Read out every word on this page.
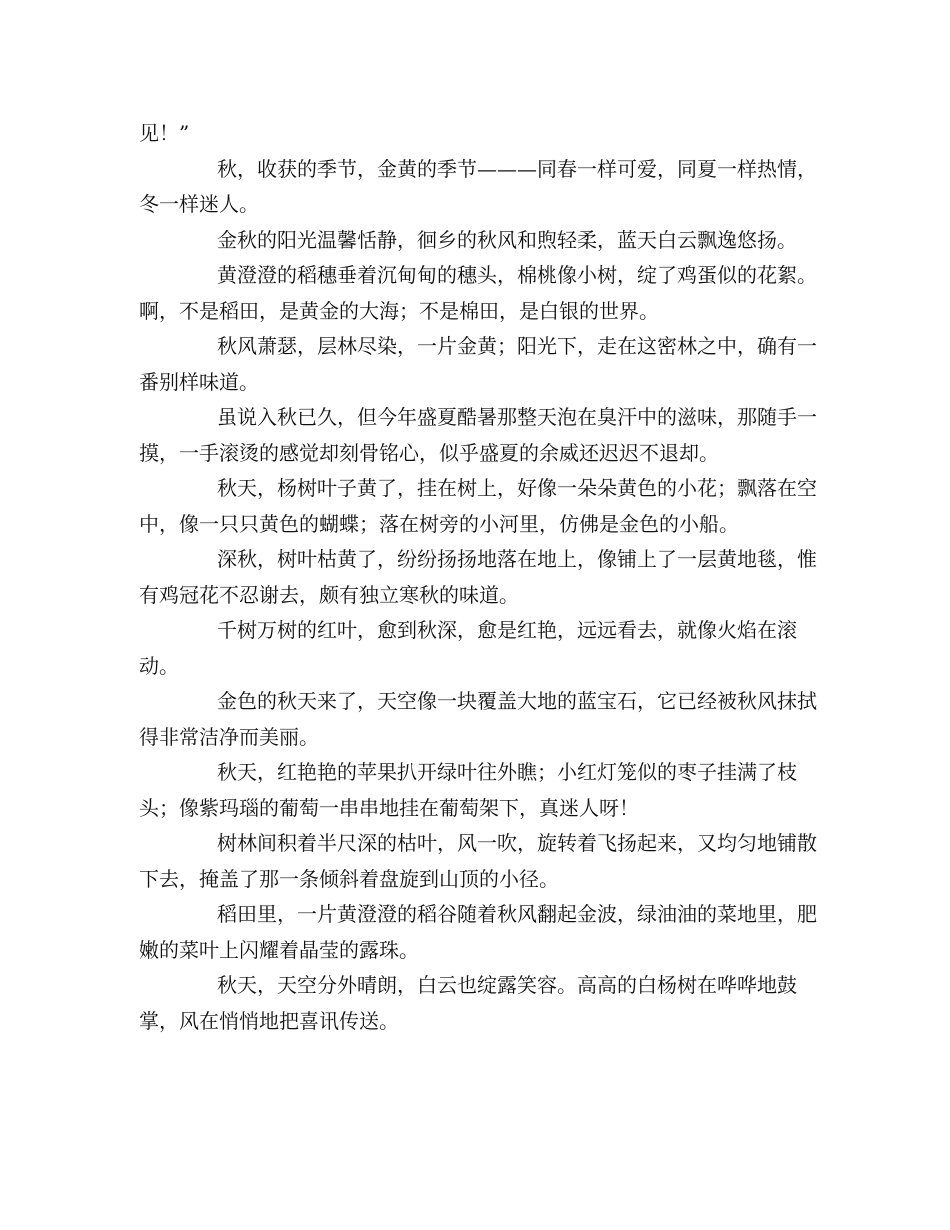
见！”

秋，收获的季节，金黄的季节———同春一样可爱，同夏一样热情，冬一样迷人。

金秋的阳光温馨恬静，徊乡的秋风和煦轻柔，蓝天白云飘逸悠扬。

黄澄澄的稻穗垂着沉甸甸的穗头，棉桃像小树，绽了鸡蛋似的花絮。啊，不是稻田，是黄金的大海；不是棉田，是白银的世界。

秋风萧瑟，层林尽染，一片金黄；阳光下，走在这密林之中，确有一番别样味道。

虽说入秋已久，但今年盛夏酷暑那整天泡在臭汗中的滋味，那随手一摸，一手滚烫的感觉却刻骨铭心，似乎盛夏的余威还迟迟不退却。

秋天，杨树叶子黄了，挂在树上，好像一朵朵黄色的小花；飘落在空中，像一只只黄色的蝴蝶；落在树旁的小河里，仿佛是金色的小船。

深秋，树叶枯黄了，纷纷扬扬地落在地上，像铺上了一层黄地毯，惟有鸡冠花不忍谢去，颇有独立寒秋的味道。

千树万树的红叶，愈到秋深，愈是红艳，远远看去，就像火焰在滚动。

金色的秋天来了，天空像一块覆盖大地的蓝宝石，它已经被秋风抹拭得非常洁净而美丽。

秋天，红艳艳的苹果扒开绿叶往外瞧；小红灯笼似的枣子挂满了枝头；像紫玛瑙的葡萄一串串地挂在葡萄架下，真迷人呀！

树林间积着半尺深的枯叶，风一吹，旋转着飞扬起来，又均匀地铺散下去，掩盖了那一条倾斜着盘旋到山顶的小径。

稻田里，一片黄澄澄的稻谷随着秋风翻起金波，绿油油的菜地里，肥嫩的菜叶上闪耀着晶莹的露珠。

秋天，天空分外晴朗，白云也绽露笑容。高高的白杨树在哗哗地鼓掌，风在悄悄地把喜讯传送。
